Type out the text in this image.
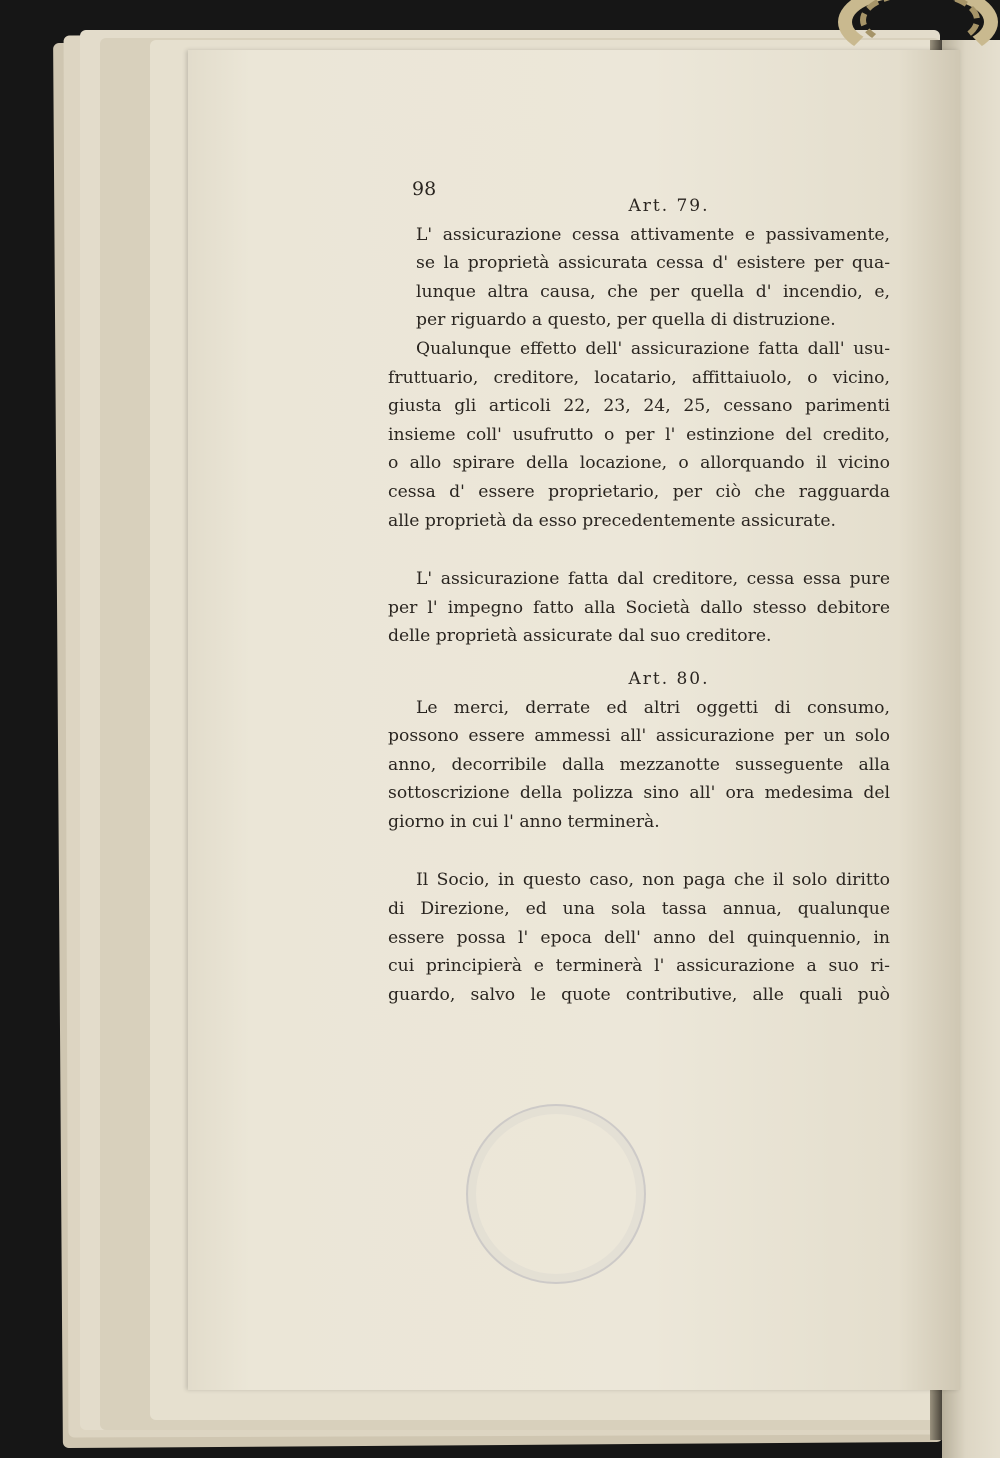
98

Art. 79.

L' assicurazione cessa attivamente e passivamente,
se la proprietà assicurata cessa d' esistere per qua-
lunque altra causa, che per quella d' incendio, e,
per riguardo a questo, per quella di distruzione.

Qualunque effetto dell' assicurazione fatta dall' usu-
fruttuario, creditore, locatario, affittaiuolo, o vicino,
giusta gli articoli 22, 23, 24, 25, cessano parimenti
insieme coll' usufrutto o per l' estinzione del credito,
o allo spirare della locazione, o allorquando il vicino
cessa d' essere proprietario, per ciò che ragguarda
alle proprietà da esso precedentemente assicurate.

L' assicurazione fatta dal creditore, cessa essa pure
per l' impegno fatto alla Società dallo stesso debitore
delle proprietà assicurate dal suo creditore.

Art. 80.

Le merci, derrate ed altri oggetti di consumo,
possono essere ammessi all' assicurazione per un solo
anno, decorribile dalla mezzanotte susseguente alla
sottoscrizione della polizza sino all' ora medesima del
giorno in cui l' anno terminerà.

Il Socio, in questo caso, non paga che il solo diritto
di Direzione, ed una sola tassa annua, qualunque
essere possa l' epoca dell' anno del quinquennio, in
cui principierà e terminerà l' assicurazione a suo ri-
guardo, salvo le quote contributive, alle quali può
